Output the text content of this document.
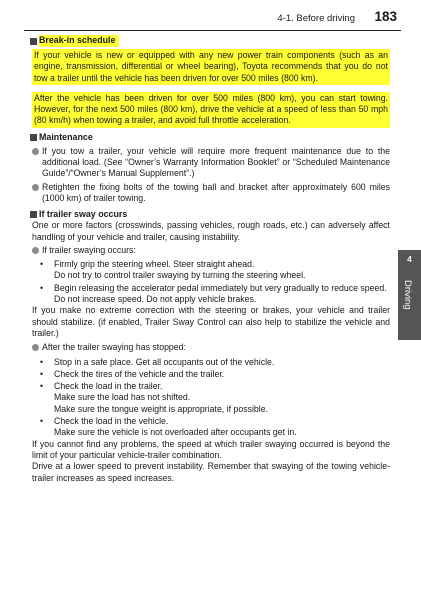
4-1. Before driving 183
Break-in schedule
If your vehicle is new or equipped with any new power train components (such as an engine, transmission, differential or wheel bearing), Toyota recommends that you do not tow a trailer until the vehicle has been driven for over 500 miles (800 km).
After the vehicle has been driven for over 500 miles (800 km), you can start towing. However, for the next 500 miles (800 km), drive the vehicle at a speed of less than 50 mph (80 km/h) when towing a trailer, and avoid full throttle acceleration.
Maintenance
If you tow a trailer, your vehicle will require more frequent maintenance due to the additional load. (See “Owner’s Warranty Information Booklet” or “Scheduled Maintenance Guide”/“Owner’s Manual Supplement”.)
Retighten the fixing bolts of the towing ball and bracket after approximately 600 miles (1000 km) of trailer towing.
If trailer sway occurs
One or more factors (crosswinds, passing vehicles, rough roads, etc.) can adversely affect handling of your vehicle and trailer, causing instability.
If trailer swaying occurs:
•	Firmly grip the steering wheel. Steer straight ahead.
Do not try to control trailer swaying by turning the steering wheel.
•	Begin releasing the accelerator pedal immediately but very gradually to reduce speed.
Do not increase speed. Do not apply vehicle brakes.
If you make no extreme correction with the steering or brakes, your vehicle and trailer should stabilize. (if enabled, Trailer Sway Control can also help to stabilize the vehicle and trailer.)
After the trailer swaying has stopped:
•	Stop in a safe place. Get all occupants out of the vehicle.
•	Check the tires of the vehicle and the trailer.
•	Check the load in the trailer.
Make sure the load has not shifted.
Make sure the tongue weight is appropriate, if possible.
•	Check the load in the vehicle.
Make sure the vehicle is not overloaded after occupants get in.
If you cannot find any problems, the speed at which trailer swaying occurred is beyond the limit of your particular vehicle-trailer combination.
Drive at a lower speed to prevent instability. Remember that swaying of the towing vehicle-trailer increases as speed increases.
4
Driving
